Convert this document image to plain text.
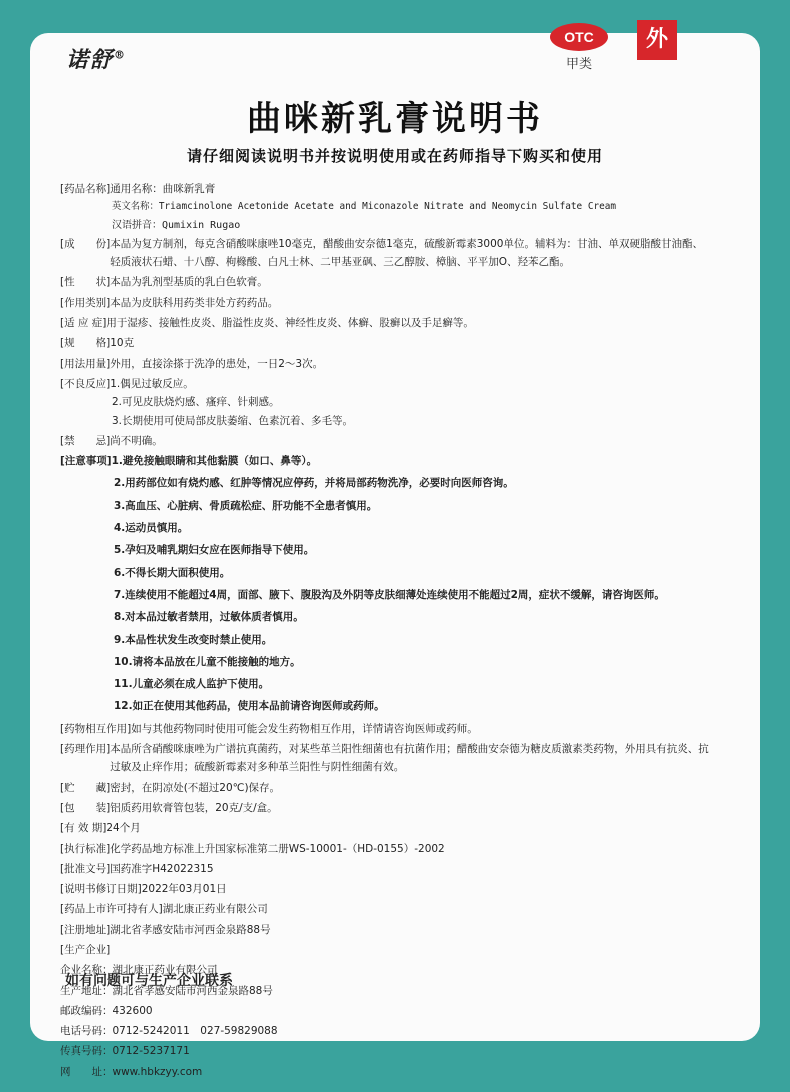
诺舒®
OTC
甲类
外
曲咪新乳膏说明书
请仔细阅读说明书并按说明使用或在药师指导下购买和使用
[药品名称] 通用名称：曲咪新乳膏
英文名称：Triamcinolone Acetonide Acetate and Miconazole Nitrate and Neomycin Sulfate Cream
汉语拼音：Qumixin Rugao
[成　　份] 本品为复方制剂，每克含硝酸咪康唑10毫克，醋酸曲安奈德1毫克，硫酸新霉素3000单位。辅料为：甘油、单双硬脂酸甘油酯、轻质液状石蜡、十八醇、枸橼酸、白凡士林、二甲基亚砜、三乙醇胺、樟脑、平平加O、羟苯乙酯。
[性　　状] 本品为乳剂型基质的乳白色软膏。
[作用类别] 本品为皮肤科用药类非处方药药品。
[适 应 症] 用于湿疹、接触性皮炎、脂溢性皮炎、神经性皮炎、体癣、股癣以及手足癣等。
[规　　格] 10克
[用法用量] 外用，直接涂搽于洗净的患处，一日2～3次。
[不良反应] 1.偶见过敏反应。
2.可见皮肤烧灼感、瘙痒、针刺感。
3.长期使用可使局部皮肤萎缩、色素沉着、多毛等。
[禁　　忌] 尚不明确。
[注意事项] 1.避免接触眼睛和其他黏膜（如口、鼻等）。
2.用药部位如有烧灼感、红肿等情况应停药，并将局部药物洗净，必要时向医师咨询。
3.高血压、心脏病、骨质疏松症、肝功能不全患者慎用。
4.运动员慎用。
5.孕妇及哺乳期妇女应在医师指导下使用。
6.不得长期大面积使用。
7.连续使用不能超过4周，面部、腋下、腹股沟及外阴等皮肤细薄处连续使用不能超过2周，症状不缓解，请咨询医师。
8.对本品过敏者禁用，过敏体质者慎用。
9.本品性状发生改变时禁止使用。
10.请将本品放在儿童不能接触的地方。
11.儿童必须在成人监护下使用。
12.如正在使用其他药品，使用本品前请咨询医师或药师。
[药物相互作用] 如与其他药物同时使用可能会发生药物相互作用，详情请咨询医师或药师。
[药理作用] 本品所含硝酸咪康唑为广谱抗真菌药，对某些革兰阳性细菌也有抗菌作用；醋酸曲安奈德为糖皮质激素类药物，外用具有抗炎、抗过敏及止痒作用；硫酸新霉素对多种革兰阳性与阴性细菌有效。
[贮　　藏] 密封，在阴凉处(不超过20℃)保存。
[包　　装] 铝质药用软膏管包装，20克/支/盒。
[有 效 期] 24个月
[执行标准] 化学药品地方标准上升国家标准第二册WS-10001-（HD-0155）-2002
[批准文号] 国药准字H42022315
[说明书修订日期] 2022年03月01日
[药品上市许可持有人] 湖北康正药业有限公司
[注册地址] 湖北省孝感安陆市河西金泉路88号
[生产企业]
企业名称：湖北康正药业有限公司
生产地址：湖北省孝感安陆市河西金泉路88号
邮政编码：432600
电话号码：0712-5242011　027-59829088
传真号码：0712-5237171
网　　址：www.hbkzyy.com
如有问题可与生产企业联系
